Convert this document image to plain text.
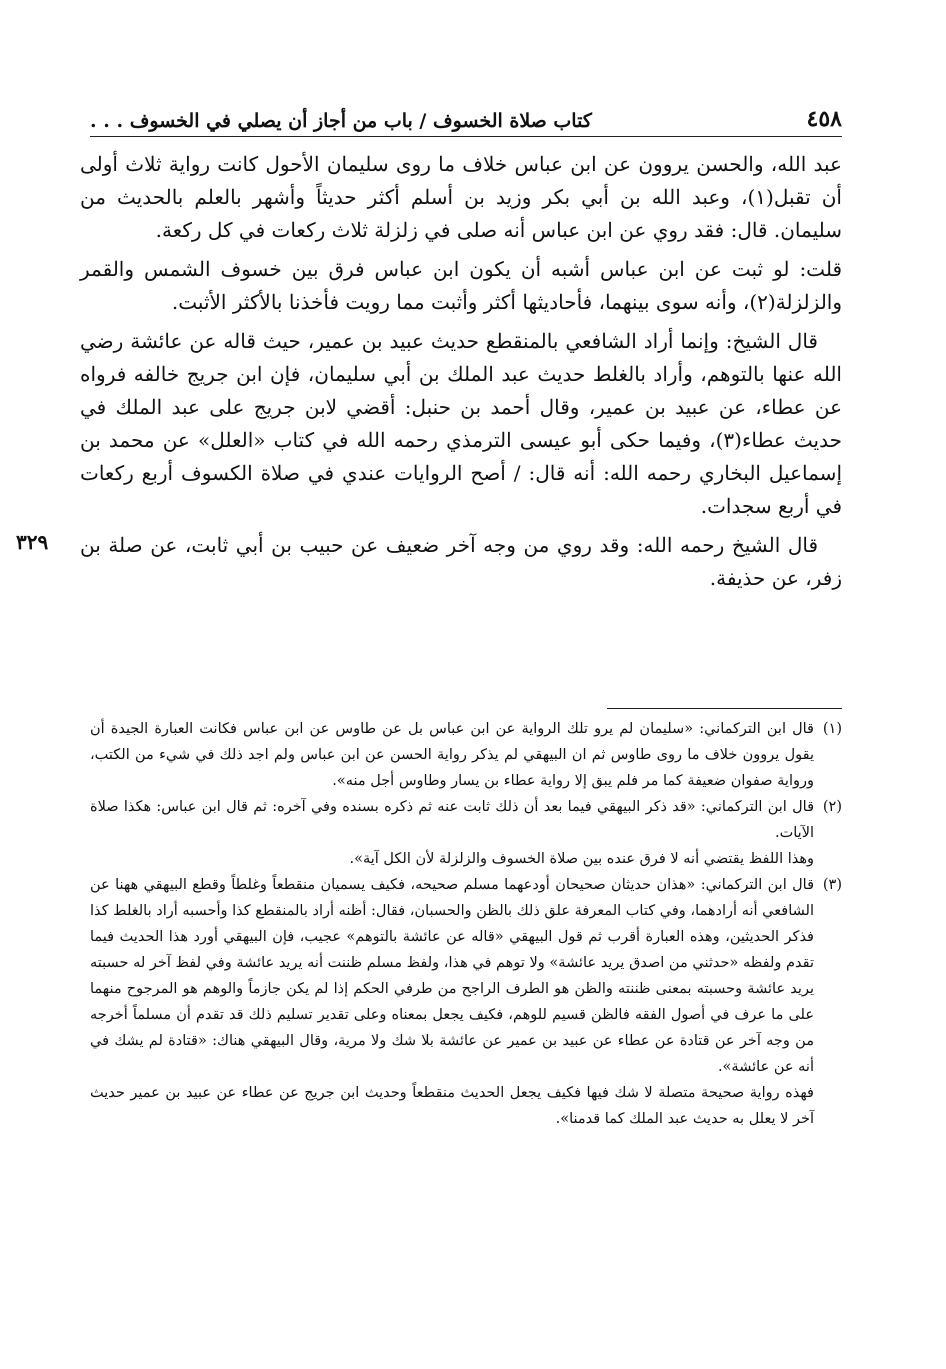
٤٥٨
كتاب صلاة الخسوف / باب من أجاز أن يصلي في الخسوف . . .

عبد الله، والحسن يروون عن ابن عباس خلاف ما روى سليمان الأحول كانت رواية ثلاث أولى أن تقبل(١)، وعبد الله بن أبي بكر وزيد بن أسلم أكثر حديثاً وأشهر بالعلم بالحديث من سليمان. قال: فقد روي عن ابن عباس أنه صلى في زلزلة ثلاث ركعات في كل ركعة.

قلت: لو ثبت عن ابن عباس أشبه أن يكون ابن عباس فرق بين خسوف الشمس والقمر والزلزلة(٢)، وأنه سوى بينهما، فأحاديثها أكثر وأثبت مما رويت فأخذنا بالأكثر الأثبت.

قال الشيخ: وإنما أراد الشافعي بالمنقطع حديث عبيد بن عمير، حيث قاله عن عائشة رضي الله عنها بالتوهم، وأراد بالغلط حديث عبد الملك بن أبي سليمان، فإن ابن جريج خالفه فرواه عن عطاء، عن عبيد بن عمير، وقال أحمد بن حنبل: أقضي لابن جريج على عبد الملك في حديث عطاء(٣)، وفيما حكى أبو عيسى الترمذي رحمه الله في كتاب «العلل» عن محمد بن إسماعيل البخاري رحمه الله: أنه قال: / أصح الروايات عندي في صلاة الكسوف أربع ركعات في أربع سجدات.

قال الشيخ رحمه الله: وقد روي من وجه آخر ضعيف عن حبيب بن أبي ثابت، عن صلة بن زفر، عن حذيفة.

٣٢٩
(١)
قال ابن التركماني: «سليمان لم يرو تلك الرواية عن ابن عباس بل عن طاوس عن ابن عباس فكانت العبارة الجيدة أن يقول يروون خلاف ما روى طاوس ثم ان البيهقي لم يذكر رواية الحسن عن ابن عباس ولم اجد ذلك في شيء من الكتب، ورواية صفوان ضعيفة كما مر فلم يبق إلا رواية عطاء بن يسار وطاوس أجل منه».
(٢)
قال ابن التركماني: «قد ذكر البيهقي فيما بعد أن ذلك ثابت عنه ثم ذكره بسنده وفي آخره: ثم قال ابن عباس: هكذا صلاة الآيات.
وهذا اللفظ يقتضي أنه لا فرق عنده بين صلاة الخسوف والزلزلة لأن الكل آية».
(٣)
قال ابن التركماني: «هذان حديثان صحيحان أودعهما مسلم صحيحه، فكيف يسميان منقطعاً وغلطاً وقطع البيهقي ههنا عن الشافعي أنه أرادهما، وفي كتاب المعرفة علق ذلك بالظن والحسبان، فقال: أظنه أراد بالمنقطع كذا وأحسبه أراد بالغلط كذا فذكر الحديثين، وهذه العبارة أقرب ثم قول البيهقي «قاله عن عائشة بالتوهم» عجيب، فإن البيهقي أورد هذا الحديث فيما تقدم ولفظه «حدثني من اصدق يريد عائشة» ولا توهم في هذا، ولفظ مسلم ظننت أنه يريد عائشة وفي لفظ آخر له حسبته يريد عائشة وحسبته بمعنى ظننته والظن هو الطرف الراجح من طرفي الحكم إذا لم يكن جازماً والوهم هو المرجوح منهما على ما عرف في أصول الفقه فالظن قسيم للوهم، فكيف يجعل بمعناه وعلى تقدير تسليم ذلك قد تقدم أن مسلماً أخرجه من وجه آخر عن قتادة عن عطاء عن عبيد بن عمير عن عائشة بلا شك ولا مرية، وقال البيهقي هناك: «قتادة لم يشك في أنه عن عائشة».
فهذه رواية صحيحة متصلة لا شك فيها فكيف يجعل الحديث منقطعاً وحديث ابن جريج عن عطاء عن عبيد بن عمير حديث آخر لا يعلل به حديث عبد الملك كما قدمنا».
